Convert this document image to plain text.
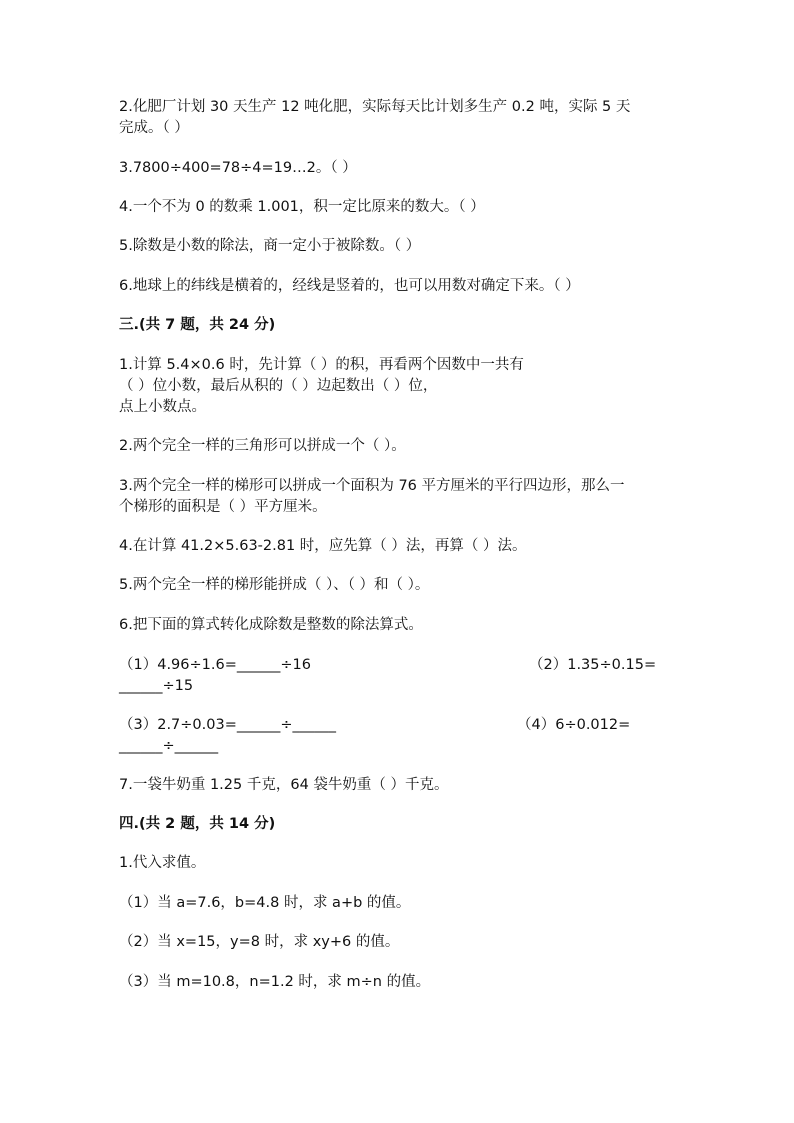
2.化肥厂计划 30 天生产 12 吨化肥，实际每天比计划多生产 0.2 吨，实际 5 天
完成。（ ）
3.7800÷400=78÷4=19…2。（ ）
4.一个不为 0 的数乘 1.001，积一定比原来的数大。（ ）
5.除数是小数的除法，商一定小于被除数。（ ）
6.地球上的纬线是横着的，经线是竖着的，也可以用数对确定下来。（ ）
三.(共 7 题，共 24 分)
1.计算 5.4×0.6 时，先计算（ ）的积，再看两个因数中一共有
（ ）位小数，最后从积的（ ）边起数出（ ）位，
点上小数点。
2.两个完全一样的三角形可以拼成一个（ ）。
3.两个完全一样的梯形可以拼成一个面积为 76 平方厘米的平行四边形，那么一
个梯形的面积是（ ）平方厘米。
4.在计算 41.2×5.63-2.81 时，应先算（ ）法，再算（ ）法。
5.两个完全一样的梯形能拼成（ ）、（ ）和（ ）。
6.把下面的算式转化成除数是整数的除法算式。
（1）4.96÷1.6=______÷16	（2）1.35÷0.15=
______÷15
（3）2.7÷0.03=______÷______	（4）6÷0.012=
______÷______
7.一袋牛奶重 1.25 千克，64 袋牛奶重（ ）千克。
四.(共 2 题，共 14 分)
1.代入求值。
（1）当 a=7.6，b=4.8 时，求 a+b 的值。
（2）当 x=15，y=8 时，求 xy+6 的值。
（3）当 m=10.8，n=1.2 时，求 m÷n 的值。
